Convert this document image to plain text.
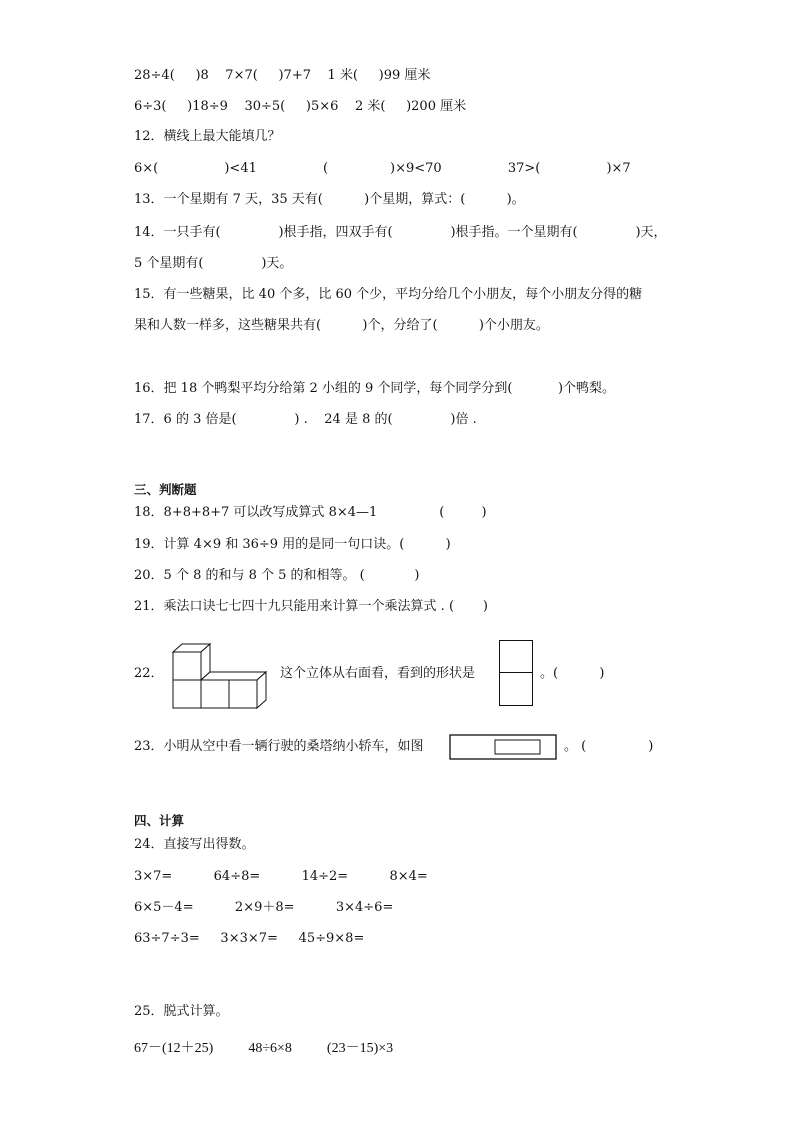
28÷4(     )8    7×7(     )7+7    1 米(     )99 厘米
6÷3(     )18÷9    30÷5(     )5×6    2 米(     )200 厘米
12．横线上最大能填几？
6×(                )<41                (               )×9<70                37>(                )×7
13．一个星期有 7 天，35 天有(          )个星期，算式：(          )。
14．一只手有(              )根手指，四双手有(              )根手指。一个星期有(              )天，
5 个星期有(              )天。
15．有一些糖果，比 40 个多，比 60 个少，平均分给几个小朋友，每个小朋友分得的糖
果和人数一样多，这些糖果共有(          )个，分给了(          )个小朋友。
16．把 18 个鸭梨平均分给第 2 小组的 9 个同学，每个同学分到(           )个鸭梨。
17．6 的 3 倍是(              ) .    24 是 8 的(              )倍 .
三、判断题
18．8+8+8+7 可以改写成算式 8×4—1               (         )
19．计算 4×9 和 36÷9 用的是同一句口诀。(          )
20．5 个 8 的和与 8 个 5 的和相等。 (            )
21．乘法口诀七七四十九只能用来计算一个乘法算式 . (       )
22．	这个立体从右面看，看到的形状是	。(          )
23．小明从空中看一辆行驶的桑塔纳小轿车，如图	。 (               )
四、计算
24．直接写出得数。
3×7=          64÷8=          14÷2=          8×4=
6×5－4=          2×9＋8=          3×4÷6=
63÷7÷3=     3×3×7=     45÷9×8=
25．脱式计算。
67－(12＋25)          48÷6×8          (23－15)×3
